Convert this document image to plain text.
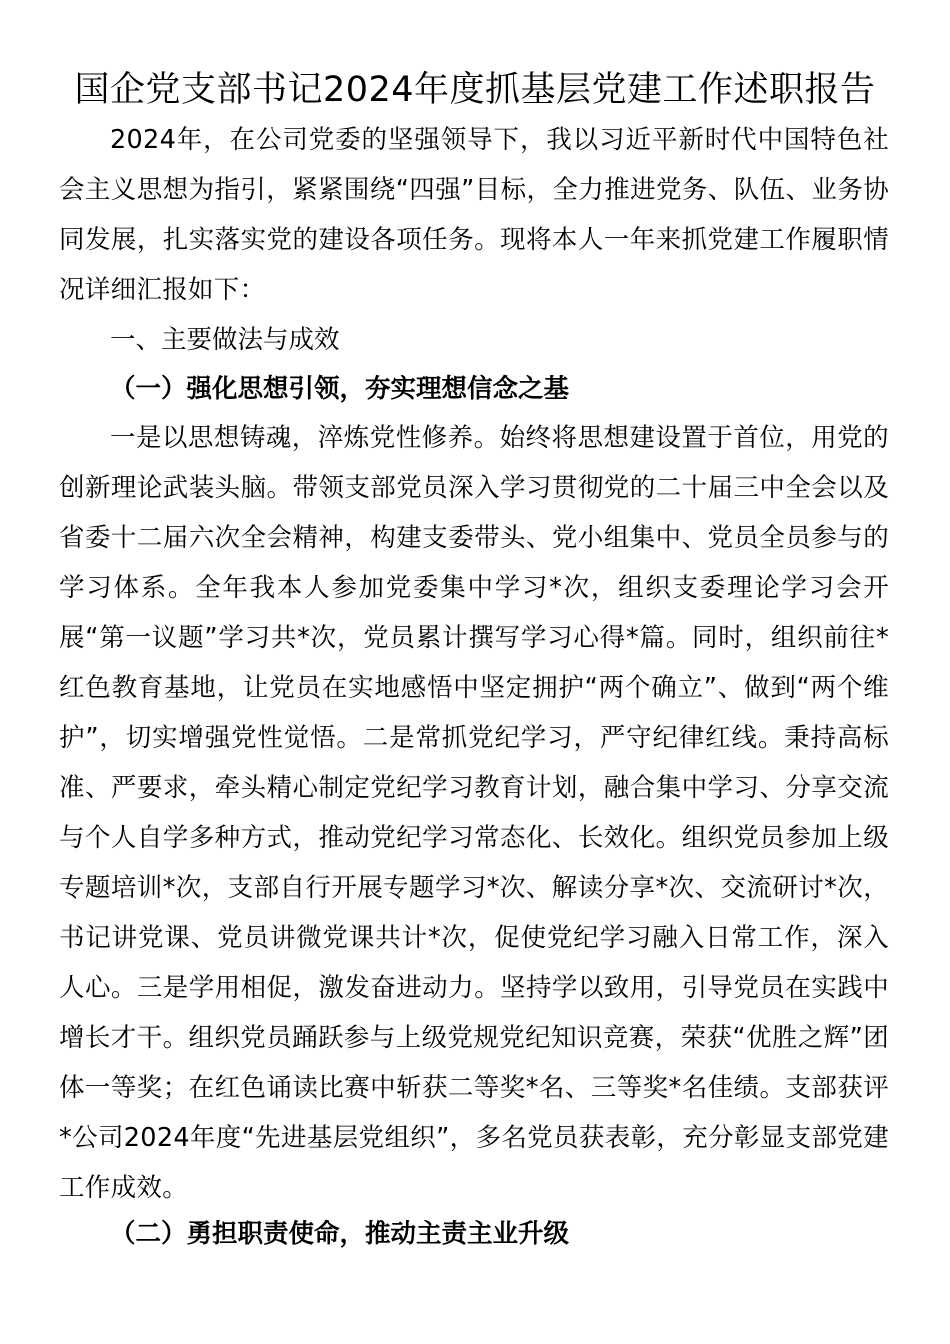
国企党支部书记2024年度抓基层党建工作述职报告

2024年，在公司党委的坚强领导下，我以习近平新时代中国特色社会主义思想为指引，紧紧围绕“四强”目标，全力推进党务、队伍、业务协同发展，扎实落实党的建设各项任务。现将本人一年来抓党建工作履职情况详细汇报如下：

一、主要做法与成效
（一）强化思想引领，夯实理想信念之基

一是以思想铸魂，淬炼党性修养。始终将思想建设置于首位，用党的创新理论武装头脑。带领支部党员深入学习贯彻党的二十届三中全会以及省委十二届六次全会精神，构建支委带头、党小组集中、党员全员参与的学习体系。全年我本人参加党委集中学习*次，组织支委理论学习会开展“第一议题”学习共*次，党员累计撰写学习心得*篇。同时，组织前往*红色教育基地，让党员在实地感悟中坚定拥护“两个确立”、做到“两个维护”，切实增强党性觉悟。二是常抓党纪学习，严守纪律红线。秉持高标准、严要求，牵头精心制定党纪学习教育计划，融合集中学习、分享交流与个人自学多种方式，推动党纪学习常态化、长效化。组织党员参加上级专题培训*次，支部自行开展专题学习*次、解读分享*次、交流研讨*次，书记讲党课、党员讲微党课共计*次，促使党纪学习融入日常工作，深入人心。三是学用相促，激发奋进动力。坚持学以致用，引导党员在实践中增长才干。组织党员踊跃参与上级党规党纪知识竞赛，荣获“优胜之辉”团体一等奖；在红色诵读比赛中斩获二等奖*名、三等奖*名佳绩。支部获评*公司2024年度“先进基层党组织”，多名党员获表彰，充分彰显支部党建工作成效。

（二）勇担职责使命，推动主责主业升级
